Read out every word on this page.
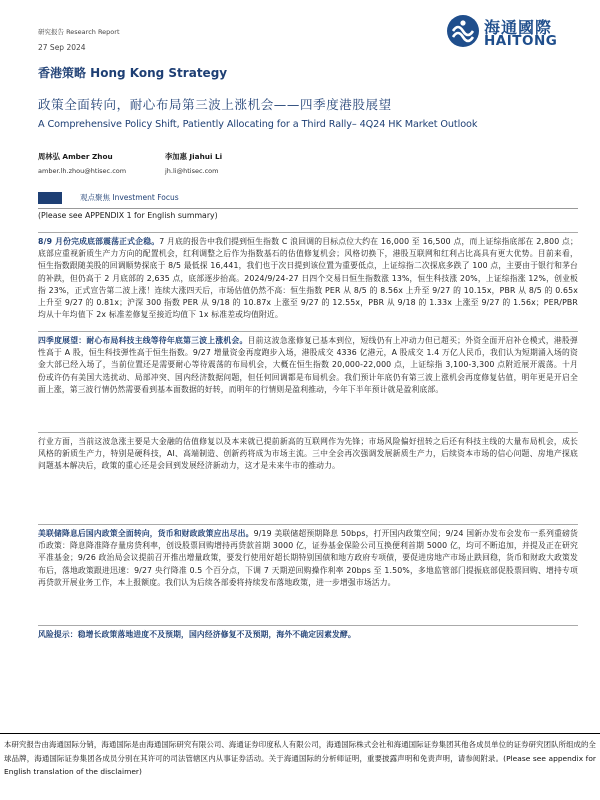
研究报告 Research Report
27 Sep 2024
海通國際
HAITONG
香港策略 Hong Kong Strategy
政策全面转向，耐心布局第三波上涨机会——四季度港股展望
A Comprehensive Policy Shift, Patiently Allocating for a Third Rally– 4Q24 HK Market Outlook
周林弘 Amber Zhou
amber.lh.zhou@htisec.com
李加惠 Jiahui Li
jh.li@htisec.com
观点聚焦 Investment Focus
(Please see APPENDIX 1 for English summary)
8/9 月份完成底部震荡正式企稳。7 月底的报告中我们提到恒生指数 C 浪回调的目标点位大约在 16,000 至 16,500 点，而上证综指底部在 2,800 点；底部应重视新质生产力方向的配置机会，红利调整之后作为指数基石的估值修复机会；风格切换下，港股互联网和红利占比高具有更大优势。目前来看，恒生指数跟随美股的回调顺势探底于 8/5 最低探 16,441，我们也于次日提到该位置为重要低点，上证综指二次探底多跌了 100 点，主要由于银行和茅台的补跌，但仍高于 2 月底部的 2,635 点，底部逐步抬高。2024/9/24-27 日四个交易日恒生指数涨 13%，恒生科技涨 20%，上证综指涨 12%，创业板指 23%，正式宣告第二波上涨！连续大涨四天后，市场估值仍然不高：恒生指数 PER 从 8/5 的 8.56x 上升至 9/27 的 10.15x，PBR 从 8/5 的 0.65x 上升至 9/27 的 0.81x；沪深 300 指数 PER 从 9/18 的 10.87x 上涨至 9/27 的 12.55x，PBR 从 9/18 的 1.33x 上涨至 9/27 的 1.56x；PER/PBR 均从十年均值下 2x 标准差修复至接近均值下 1x 标准差或均值附近。
四季度展望：耐心布局科技主线等待年底第三波上涨机会。目前这波急涨修复已基本到位，短线仍有上冲动力但已超买；外资全面开启补仓模式，港股弹性高于 A 股，恒生科技弹性高于恒生指数。9/27 增量资金再度跑步入场，港股成交 4336 亿港元，A 股成交 1.4 万亿人民币，我们认为短期涌入场的资金大部已经入场了，当前位置还是需要耐心等待震荡的布局机会，大概在恒生指数 20,000-22,000 点，上证综指 3,100-3,300 点附近展开震荡。十月份或许仍有美国大选扰动、局部冲突、国内经济数据问题，但任何回调都是布局机会。我们预计年底仍有第三波上涨机会再度修复估值，明年更是开启全面上涨，第三波行情仍然需要看到基本面数据的好转，而明年的行情则是盈利推动，今年下半年预计就是盈利底部。
行业方面，当前这波急涨主要是大金融的估值修复以及本来就已提前新高的互联网作为先锋；市场风险偏好扭转之后还有科技主线的大量布局机会，成长风格的新质生产力，特别是硬科技，AI、高端制造、创新药将成为市场主流。三中全会再次强调发展新质生产力，后续资本市场的信心问题、房地产探底问题基本解决后，政策的重心还是会回到发展经济新动力，这才是未来牛市的推动力。
美联储降息后国内政策全面转向，货币和财政政策应出尽出。9/19 美联储超预期降息 50bps，打开国内政策空间；9/24 国新办发布会发布一系列重磅货币政策：降息降准降存量房贷利率，创设股票回购增持再贷款首期 3000 亿，证券基金保险公司互换便利首期 5000 亿，均可不断追加，并提及正在研究平准基金；9/26 政治局会议提前召开推出增量政策，要发行使用好超长期特别国债和地方政府专项债，要促进房地产市场止跌回稳，货币和财政大政策发布后，落地政策跟进迅速：9/27 央行降准 0.5 个百分点，下调 7 天期逆回购操作利率 20bps 至 1.50%，多地监管部门提振底部促股票回购、增持专项再贷款开展业务工作，本上报额度。我们认为后续各部委将持续发布落地政策，进一步增强市场活力。
风险提示：稳增长政策落地进度不及预期，国内经济修复不及预期，海外不确定因素发酵。
本研究报告由海通国际分销，海通国际是由海通国际研究有限公司、海通证券印度私人有限公司，海通国际株式会社和海通国际证券集团其他各成员单位的证券研究团队所组成的全球品牌，海通国际证券集团各成员分别在其许可的司法管辖区内从事证券活动。关于海通国际的分析师证明，重要披露声明和免责声明，请参阅附录。(Please see appendix for English translation of the disclaimer)
